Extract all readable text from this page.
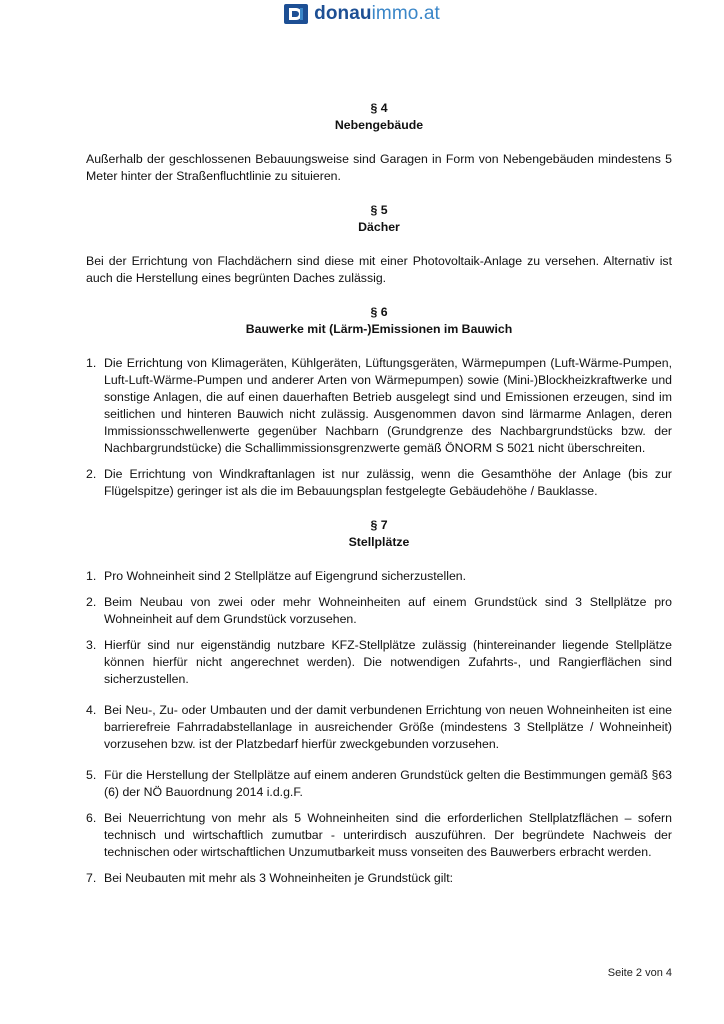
donauimmo.at
§ 4
Nebengebäude

Außerhalb der geschlossenen Bebauungsweise sind Garagen in Form von Nebengebäuden mindestens 5 Meter hinter der Straßenfluchtlinie zu situieren.

§ 5
Dächer

Bei der Errichtung von Flachdächern sind diese mit einer Photovoltaik-Anlage zu versehen. Alternativ ist auch die Herstellung eines begrünten Daches zulässig.

§ 6
Bauwerke mit (Lärm-)Emissionen im Bauwich
1. Die Errichtung von Klimageräten, Kühlgeräten, Lüftungsgeräten, Wärmepumpen (Luft-Wärme-Pumpen, Luft-Luft-Wärme-Pumpen und anderer Arten von Wärmepumpen) sowie (Mini-)Blockheizkraftwerke und sonstige Anlagen, die auf einen dauerhaften Betrieb ausgelegt sind und Emissionen erzeugen, sind im seitlichen und hinteren Bauwich nicht zulässig. Ausgenommen davon sind lärmarme Anlagen, deren Immissionsschwellenwerte gegenüber Nachbarn (Grundgrenze des Nachbargrundstücks bzw. der Nachbargrundstücke) die Schallimmissionsgrenzwerte gemäß ÖNORM S 5021 nicht überschreiten.
2. Die Errichtung von Windkraftanlagen ist nur zulässig, wenn die Gesamthöhe der Anlage (bis zur Flügelspitze) geringer ist als die im Bebauungsplan festgelegte Gebäudehöhe / Bauklasse.
§ 7
Stellplätze
1. Pro Wohneinheit sind 2 Stellplätze auf Eigengrund sicherzustellen.
2. Beim Neubau von zwei oder mehr Wohneinheiten auf einem Grundstück sind 3 Stellplätze pro Wohneinheit auf dem Grundstück vorzusehen.
3. Hierfür sind nur eigenständig nutzbare KFZ-Stellplätze zulässig (hintereinander liegende Stellplätze können hierfür nicht angerechnet werden). Die notwendigen Zufahrts-, und Rangierflächen sind sicherzustellen.
4. Bei Neu-, Zu- oder Umbauten und der damit verbundenen Errichtung von neuen Wohneinheiten ist eine barrierefreie Fahrradabstellanlage in ausreichender Größe (mindestens 3 Stellplätze / Wohneinheit) vorzusehen bzw. ist der Platzbedarf hierfür zweckgebunden vorzusehen.
5. Für die Herstellung der Stellplätze auf einem anderen Grundstück gelten die Bestimmungen gemäß §63 (6) der NÖ Bauordnung 2014 i.d.g.F.
6. Bei Neuerrichtung von mehr als 5 Wohneinheiten sind die erforderlichen Stellplatzflächen – sofern technisch und wirtschaftlich zumutbar - unterirdisch auszuführen. Der begründete Nachweis der technischen oder wirtschaftlichen Unzumutbarkeit muss vonseiten des Bauwerbers erbracht werden.
7. Bei Neubauten mit mehr als 3 Wohneinheiten je Grundstück gilt:
Seite 2 von 4
